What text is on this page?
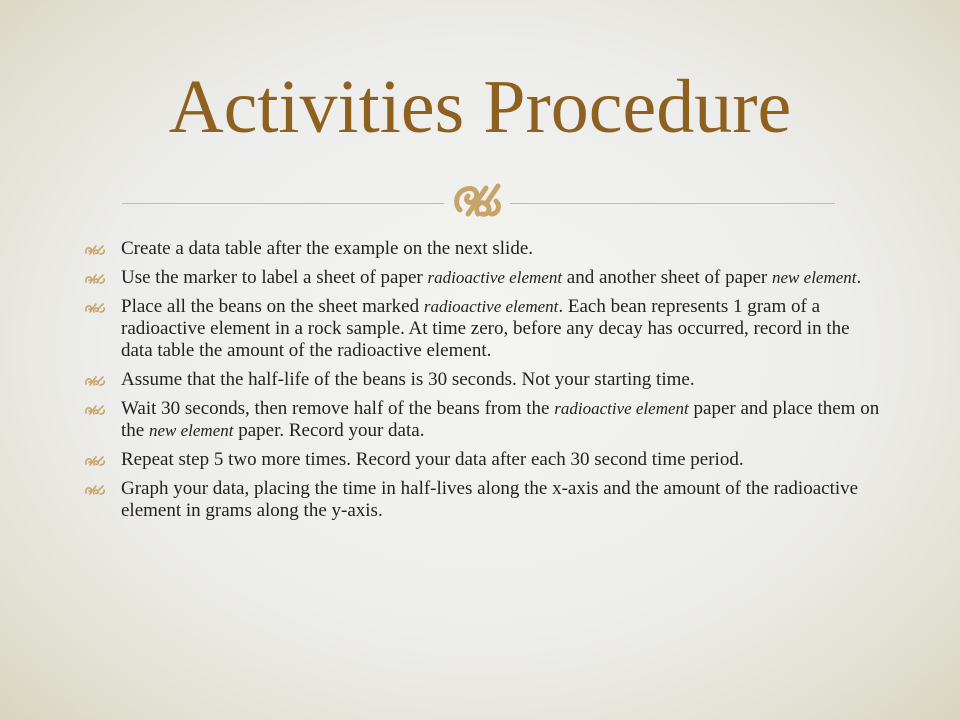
Activities Procedure
Create a data table after the example on the next slide.
Use the marker to label a sheet of paper radioactive element and another sheet of paper new element.
Place all the beans on the sheet marked radioactive element. Each bean represents 1 gram of a radioactive element in a rock sample. At time zero, before any decay has occurred, record in the data table the amount of the radioactive element.
Assume that the half-life of the beans is 30 seconds. Not your starting time.
Wait 30 seconds, then remove half of the beans from the radioactive element paper and place them on the new element paper. Record your data.
Repeat step 5 two more times. Record your data after each 30 second time period.
Graph your data, placing the time in half-lives along the x-axis and the amount of the radioactive element in grams along the y-axis.
